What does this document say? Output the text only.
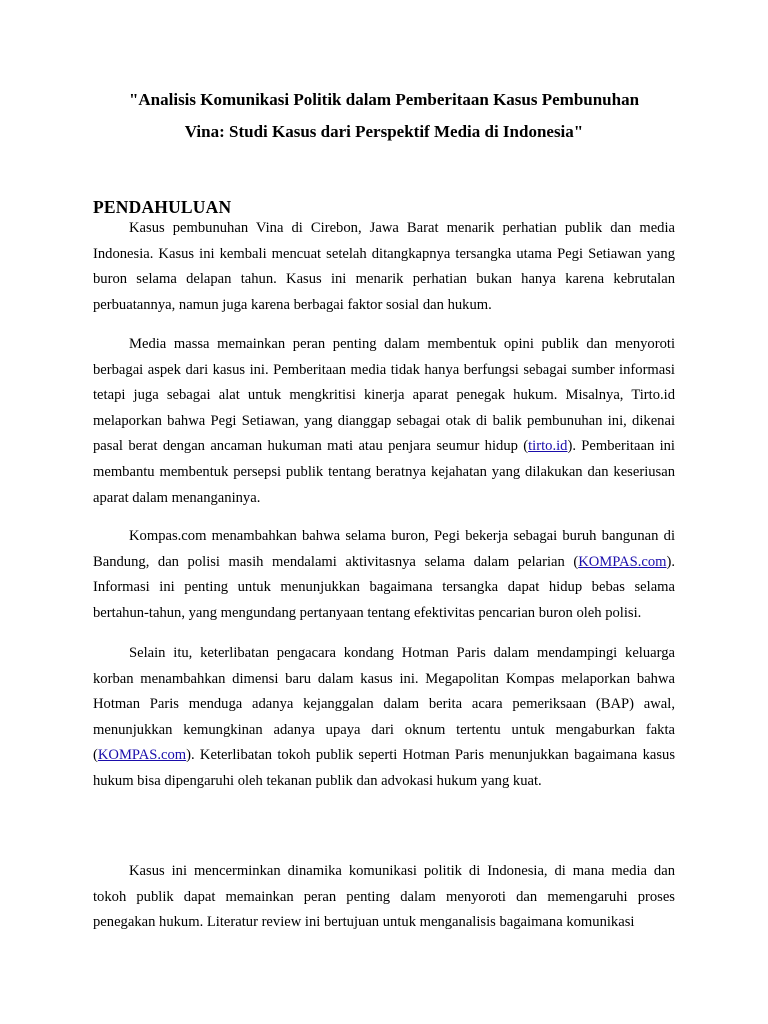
"Analisis Komunikasi Politik dalam Pemberitaan Kasus Pembunuhan
Vina: Studi Kasus dari Perspektif Media di Indonesia"
PENDAHULUAN

Kasus pembunuhan Vina di Cirebon, Jawa Barat menarik perhatian publik dan media Indonesia. Kasus ini kembali mencuat setelah ditangkapnya tersangka utama Pegi Setiawan yang buron selama delapan tahun. Kasus ini menarik perhatian bukan hanya karena kebrutalan perbuatannya, namun juga karena berbagai faktor sosial dan hukum.

Media massa memainkan peran penting dalam membentuk opini publik dan menyoroti berbagai aspek dari kasus ini. Pemberitaan media tidak hanya berfungsi sebagai sumber informasi tetapi juga sebagai alat untuk mengkritisi kinerja aparat penegak hukum. Misalnya, Tirto.id melaporkan bahwa Pegi Setiawan, yang dianggap sebagai otak di balik pembunuhan ini, dikenai pasal berat dengan ancaman hukuman mati atau penjara seumur hidup (tirto.id). Pemberitaan ini membantu membentuk persepsi publik tentang beratnya kejahatan yang dilakukan dan keseriusan aparat dalam menanganinya.

Kompas.com menambahkan bahwa selama buron, Pegi bekerja sebagai buruh bangunan di Bandung, dan polisi masih mendalami aktivitasnya selama dalam pelarian (KOMPAS.com). Informasi ini penting untuk menunjukkan bagaimana tersangka dapat hidup bebas selama bertahun-tahun, yang mengundang pertanyaan tentang efektivitas pencarian buron oleh polisi.

Selain itu, keterlibatan pengacara kondang Hotman Paris dalam mendampingi keluarga korban menambahkan dimensi baru dalam kasus ini. Megapolitan Kompas melaporkan bahwa Hotman Paris menduga adanya kejanggalan dalam berita acara pemeriksaan (BAP) awal, menunjukkan kemungkinan adanya upaya dari oknum tertentu untuk mengaburkan fakta (KOMPAS.com). Keterlibatan tokoh publik seperti Hotman Paris menunjukkan bagaimana kasus hukum bisa dipengaruhi oleh tekanan publik dan advokasi hukum yang kuat.

Kasus ini mencerminkan dinamika komunikasi politik di Indonesia, di mana media dan tokoh publik dapat memainkan peran penting dalam menyoroti dan memengaruhi proses penegakan hukum. Literatur review ini bertujuan untuk menganalisis bagaimana komunikasi
